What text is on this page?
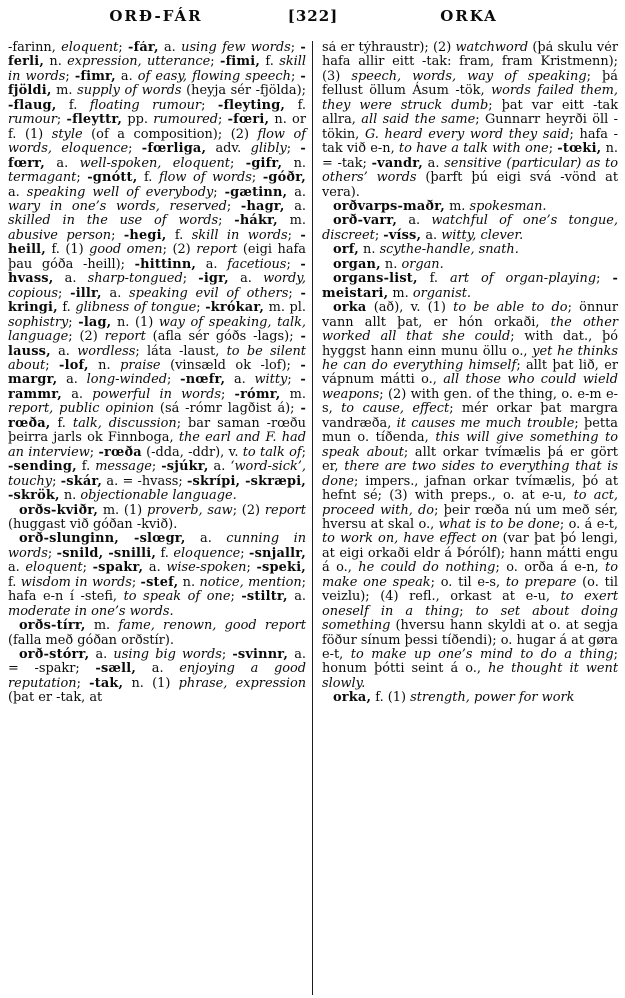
ORÐ-FÁR	[322]	ORKA

-farinn, eloquent; -fár, a. using few words; -ferli, n. expression, utterance; -fimi, f. skill in words; -fimr, a. of easy, flowing speech; -fjöldi, m. supply of words (heyja sér -fjölda); -flaug, f. floating rumour; -fleyting, f. rumour; -fleyttr, pp. rumoured; -fœri, n. or f. (1) style (of a composition); (2) flow of words, eloquence; -fœrliga, adv. glibly; -fœrr, a. well-spoken, eloquent; -gifr, n. termagant; -gnótt, f. flow of words; -góðr, a. speaking well of everybody; -gætinn, a. wary in one’s words, reserved; -hagr, a. skilled in the use of words; -hákr, m. abusive person; -hegi, f. skill in words; -heill, f. (1) good omen; (2) report (eigi hafa þau góða -heill); -hittinn, a. facetious; -hvass, a. sharp-tongued; -igr, a. wordy, copious; -illr, a. speaking evil of others; -kringi, f. glibness of tongue; -krókar, m. pl. sophistry; -lag, n. (1) way of speaking, talk, language; (2) report (afla sér góðs -lags); -lauss, a. wordless; láta -laust, to be silent about; -lof, n. praise (vinsæld ok -lof); -margr, a. long-winded; -nœfr, a. witty; -rammr, a. powerful in words; -rómr, m. report, public opinion (sá -rómr lagðist á); -rœða, f. talk, discussion; bar saman -rœðu þeirra jarls ok Finnboga, the earl and F. had an interview; -rœða (-dda, -ddr), v. to talk of; -sending, f. message; -sjúkr, a. ‘word-sick’, touchy; -skár, a. = -hvass; -skrípi, -skræpi, -skrök, n. objectionable language.

orðs-kviðr, m. (1) proverb, saw; (2) report (huggast við góðan -kvið).

orð-slunginn, -slœgr, a. cunning in words; -snild, -snilli, f. eloquence; -snjallr, a. eloquent; -spakr, a. wise-spoken; -speki, f. wisdom in words; -stef, n. notice, mention; hafa e-n í -stefi, to speak of one; -stiltr, a. moderate in one’s words.

orðs-tírr, m. fame, renown, good report (falla með góðan orðstír).

orð-stórr, a. using big words; -svinnr, a. = -spakr; -sæll, a. enjoying a good reputation; -tak, n. (1) phrase, expression (þat er -tak, at

sá er týhraustr); (2) watchword (þá skulu vér hafa allir eitt -tak: fram, fram Kristmenn); (3) speech, words, way of speaking; þá fellust öllum Ásum -tök, words failed them, they were struck dumb; þat var eitt -tak allra, all said the same; Gunnarr heyrði öll -tökin, G. heard every word they said; hafa -tak við e-n, to have a talk with one; -tœki, n. = -tak; -vandr, a. sensitive (particular) as to others’ words (þarft þú eigi svá -vönd at vera).

orðvarps-maðr, m. spokesman.

orð-varr, a. watchful of one’s tongue, discreet; -víss, a. witty, clever.

orf, n. scythe-handle, snath.

organ, n. organ.

organs-list, f. art of organ-playing; -meistari, m. organist.

orka (að), v. (1) to be able to do; önnur vann allt þat, er hón orkaði, the other worked all that she could; with dat., þó hyggst hann einn munu öllu o., yet he thinks he can do everything himself; allt þat lið, er vápnum mátti o., all those who could wield weapons; (2) with gen. of the thing, o. e-m e-s, to cause, effect; mér orkar þat margra vandræða, it causes me much trouble; þetta mun o. tíðenda, this will give something to speak about; allt orkar tvímælis þá er gört er, there are two sides to everything that is done; impers., jafnan orkar tvímælis, þó at hefnt sé; (3) with preps., o. at e-u, to act, proceed with, do; þeir rœða nú um með sér, hversu at skal o., what is to be done; o. á e-t, to work on, have effect on (var þat þó lengi, at eigi orkaði eldr á Þórólf); hann mátti engu á o., he could do nothing; o. orða á e-n, to make one speak; o. til e-s, to prepare (o. til veizlu); (4) refl., orkast at e-u, to exert oneself in a thing; to set about doing something (hversu hann skyldi at o. at segja föður sínum þessi tíðendi); o. hugar á at gøra e-t, to make up one’s mind to do a thing; honum þótti seint á o., he thought it went slowly.

orka, f. (1) strength, power for work
